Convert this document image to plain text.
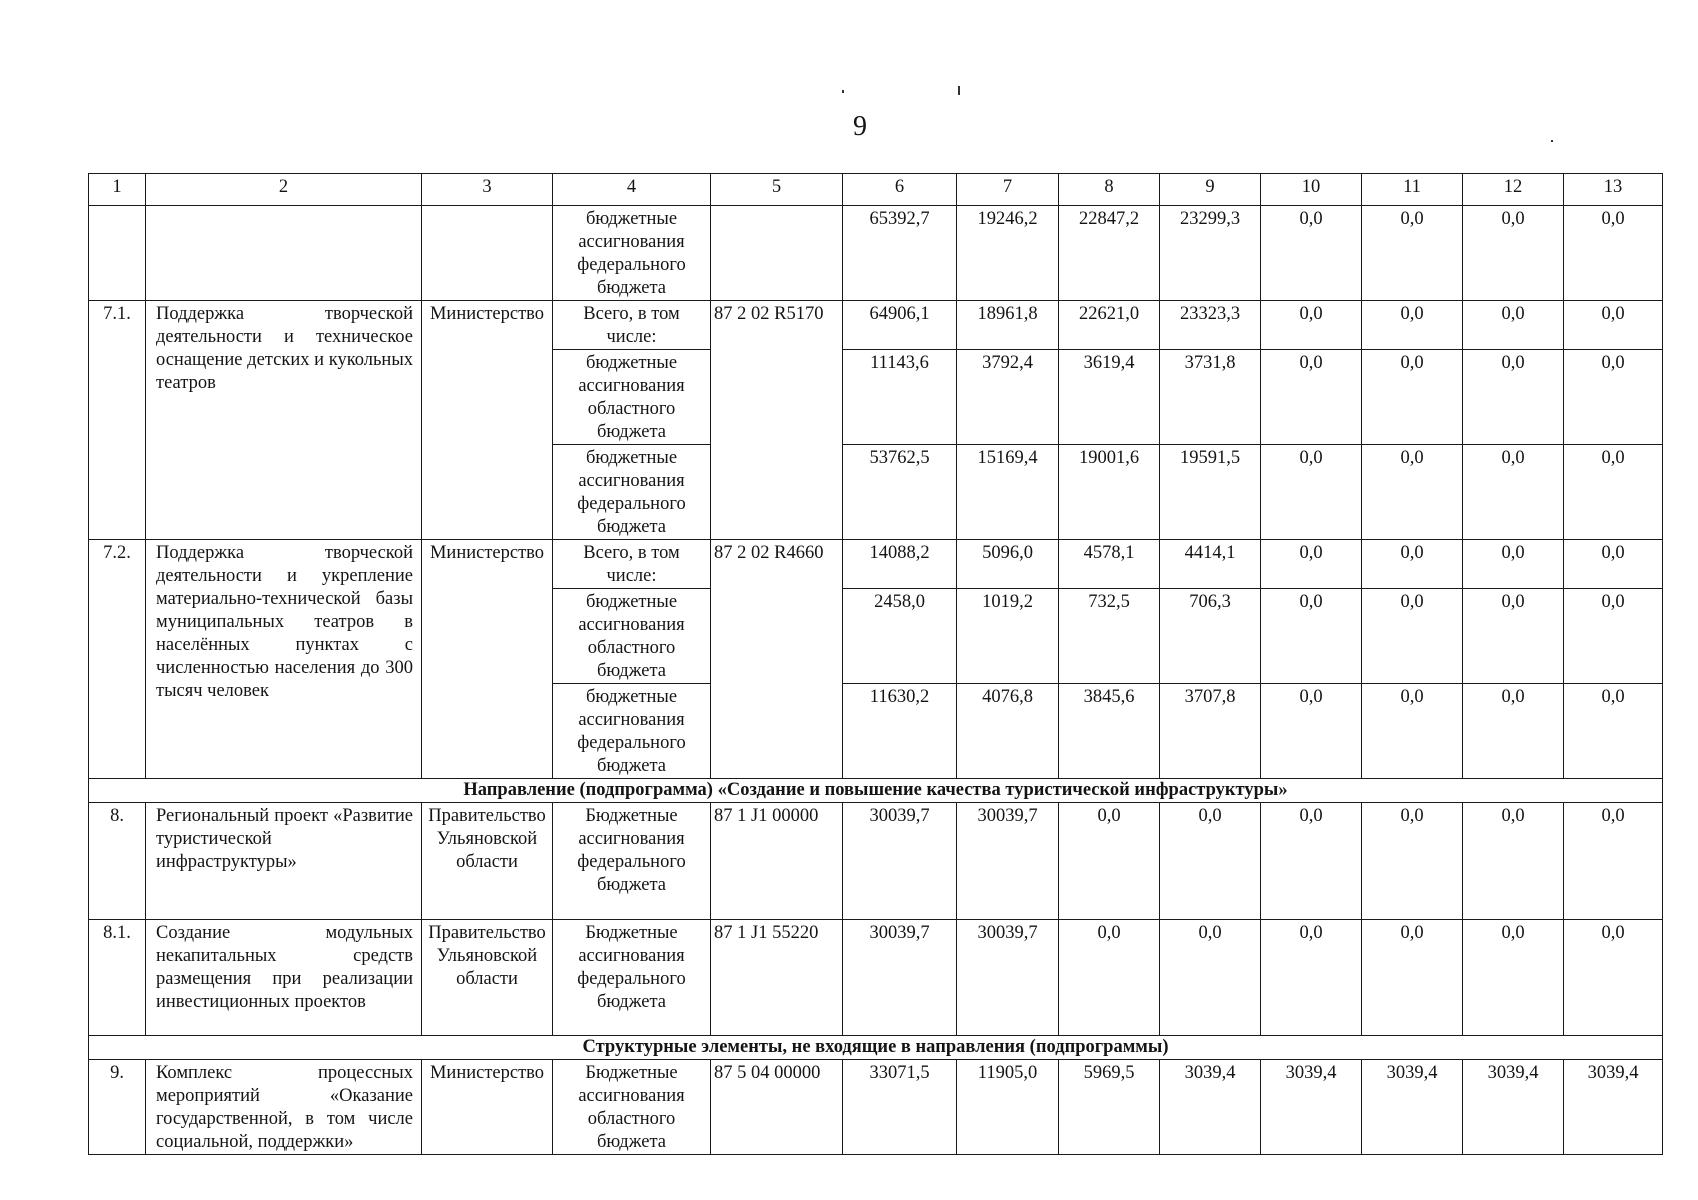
9
1	2	3	4	5	6	7	8	9	10	11	12	13
			бюджетные ассигнования федерального бюджета		65392,7	19246,2	22847,2	23299,3	0,0	0,0	0,0	0,0
7.1.	Поддержка творческой деятельности и техническое оснащение детских и кукольных театров	Министерство	Всего, в том числе:	87 2 02 R5170	64906,1	18961,8	22621,0	23323,3	0,0	0,0	0,0	0,0
			бюджетные ассигнования областного бюджета		11143,6	3792,4	3619,4	3731,8	0,0	0,0	0,0	0,0
			бюджетные ассигнования федерального бюджета		53762,5	15169,4	19001,6	19591,5	0,0	0,0	0,0	0,0
7.2.	Поддержка творческой деятельности и укрепление материально-технической базы муниципальных театров в населённых пунктах с численностью населения до 300 тысяч человек	Министерство	Всего, в том числе:	87 2 02 R4660	14088,2	5096,0	4578,1	4414,1	0,0	0,0	0,0	0,0
			бюджетные ассигнования областного бюджета		2458,0	1019,2	732,5	706,3	0,0	0,0	0,0	0,0
			бюджетные ассигнования федерального бюджета		11630,2	4076,8	3845,6	3707,8	0,0	0,0	0,0	0,0
Направление (подпрограмма) «Создание и повышение качества туристической инфраструктуры»												
8.	Региональный проект «Развитие туристической инфраструктуры»	Правительство Ульяновской области	Бюджетные ассигнования федерального бюджета	87 1 J1 00000	30039,7	30039,7	0,0	0,0	0,0	0,0	0,0	0,0
8.1.	Создание модульных некапитальных средств размещения при реализации инвестиционных проектов	Правительство Ульяновской области	Бюджетные ассигнования федерального бюджета	87 1 J1 55220	30039,7	30039,7	0,0	0,0	0,0	0,0	0,0	0,0
Структурные элементы, не входящие в направления (подпрограммы)												
9.	Комплекс процессных мероприятий «Оказание государственной, в том числе социальной, поддержки»	Министерство	Бюджетные ассигнования областного бюджета	87 5 04 00000	33071,5	11905,0	5969,5	3039,4	3039,4	3039,4	3039,4	3039,4
